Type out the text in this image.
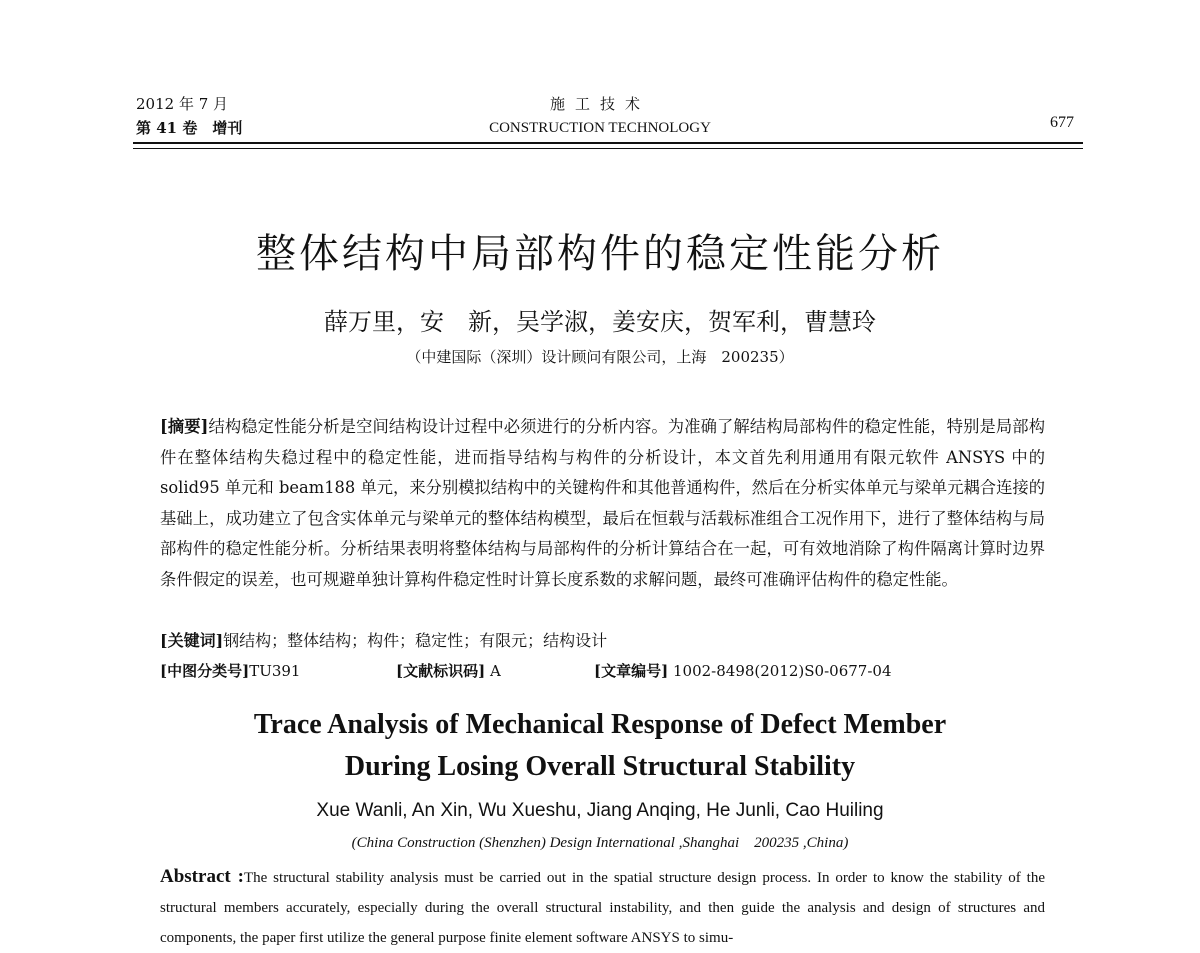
2012 年 7 月
第 41 卷　增刊
施工技术
CONSTRUCTION TECHNOLOGY	677
整体结构中局部构件的稳定性能分析
薛万里，安　新，吴学淑，姜安庆，贺军利，曹慧玲
（中建国际（深圳）设计顾问有限公司，上海　200235）
[摘要]结构稳定性能分析是空间结构设计过程中必须进行的分析内容。为准确了解结构局部构件的稳定性能，特别是局部构件在整体结构失稳过程中的稳定性能，进而指导结构与构件的分析设计，本文首先利用通用有限元软件 ANSYS 中的 solid95 单元和 beam188 单元，来分别模拟结构中的关键构件和其他普通构件，然后在分析实体单元与梁单元耦合连接的基础上，成功建立了包含实体单元与梁单元的整体结构模型，最后在恒载与活载标准组合工况作用下，进行了整体结构与局部构件的稳定性能分析。分析结果表明将整体结构与局部构件的分析计算结合在一起，可有效地消除了构件隔离计算时边界条件假定的误差，也可规避单独计算构件稳定性时计算长度系数的求解问题，最终可准确评估构件的稳定性能。
[关键词]钢结构；整体结构；构件；稳定性；有限元；结构设计
[中图分类号]TU391	[文献标识码] A	[文章编号] 1002-8498(2012)S0-0677-04
Trace Analysis of Mechanical Response of Defect Member
During Losing Overall Structural Stability
Xue Wanli, An Xin, Wu Xueshu, Jiang Anqing, He Junli, Cao Huiling
(China Construction (Shenzhen) Design International ,Shanghai　200235 ,China)
Abstract :The structural stability analysis must be carried out in the spatial structure design process. In order to know the stability of the structural members accurately, especially during the overall structural instability, and then guide the analysis and design of structures and components, the paper first utilize the general purpose finite element software ANSYS to simu-
